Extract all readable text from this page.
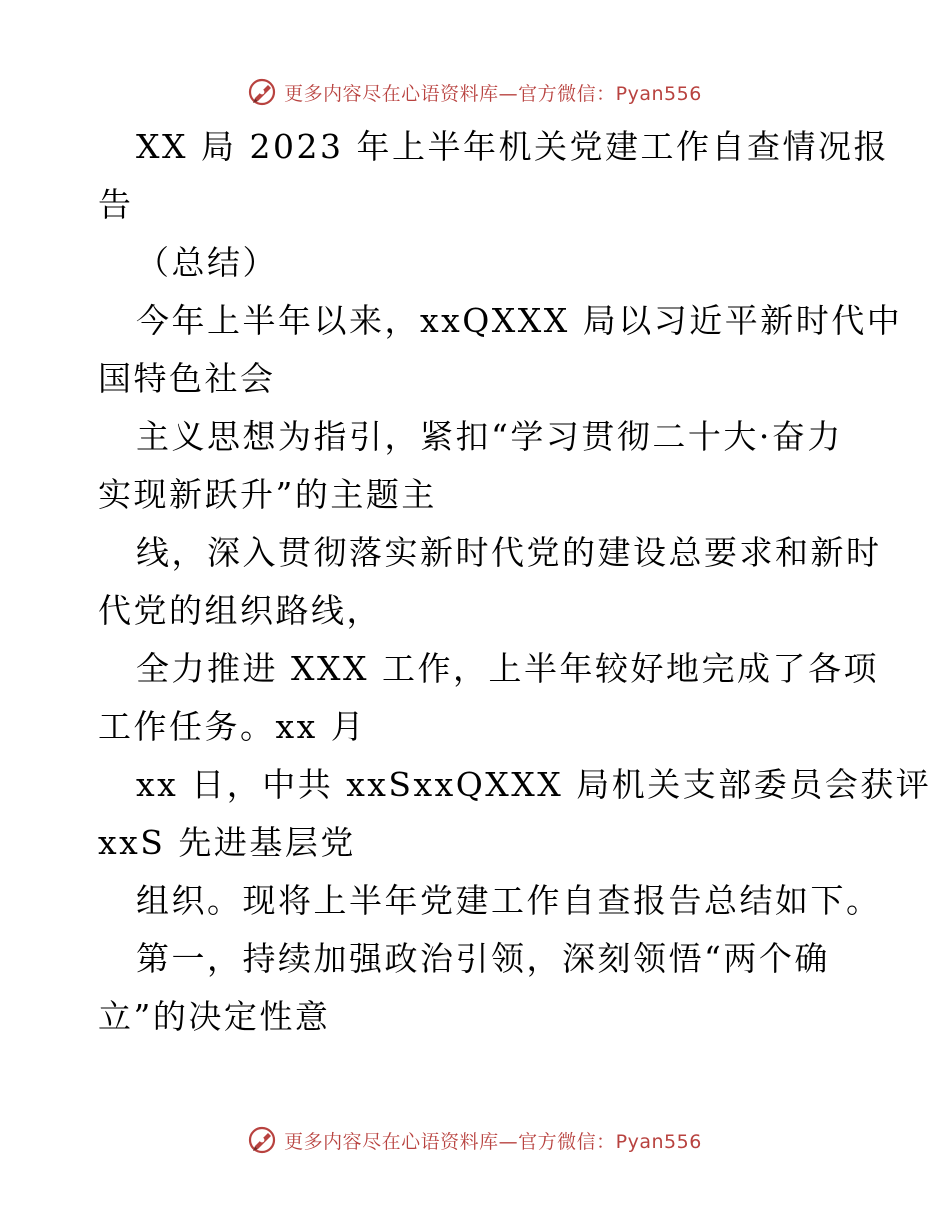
更多内容尽在心语资料库—官方微信：Pyan556
XX 局 2023 年上半年机关党建工作自查情况报
告
（总结）
今年上半年以来，xxQXXX 局以习近平新时代中
国特色社会
主义思想为指引，紧扣“学习贯彻二十大·奋力
实现新跃升”的主题主
线，深入贯彻落实新时代党的建设总要求和新时
代党的组织路线，
全力推进 XXX 工作，上半年较好地完成了各项
工作任务。xx 月
xx 日，中共 xxSxxQXXX 局机关支部委员会获评
xxS 先进基层党
组织。现将上半年党建工作自查报告总结如下。
第一，持续加强政治引领，深刻领悟“两个确
立”的决定性意
更多内容尽在心语资料库—官方微信：Pyan556
